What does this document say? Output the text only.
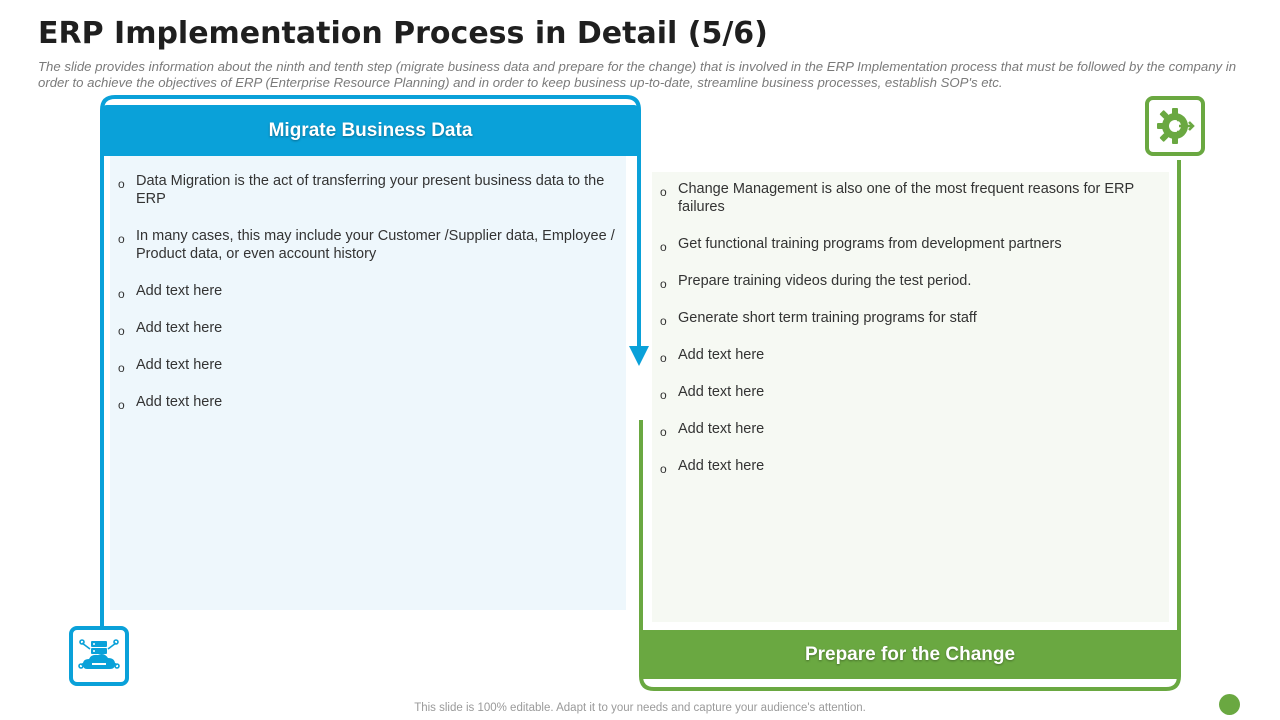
ERP Implementation Process in Detail (5/6)

The slide provides information about the ninth and tenth step (migrate business data and prepare for the change) that is involved in the ERP Implementation process that must be followed by the company in order to achieve the objectives of ERP (Enterprise Resource Planning) and in order to keep business up-to-date, streamline business processes, establish SOP's etc.

Migrate Business Data
Prepare for the Change
o Data Migration is the act of transferring your present business data to the ERP
o In many cases, this may include your Customer /Supplier data, Employee / Product data, or even account history
o Add text here
o Add text here
o Add text here
o Add text here
o Change Management is also one of the most frequent reasons for ERP failures
o Get functional training programs from development partners
o Prepare training videos during the test period.
o Generate short term training programs for staff
o Add text here
o Add text here
o Add text here
o Add text here
This slide is 100% editable. Adapt it to your needs and capture your audience's attention.
